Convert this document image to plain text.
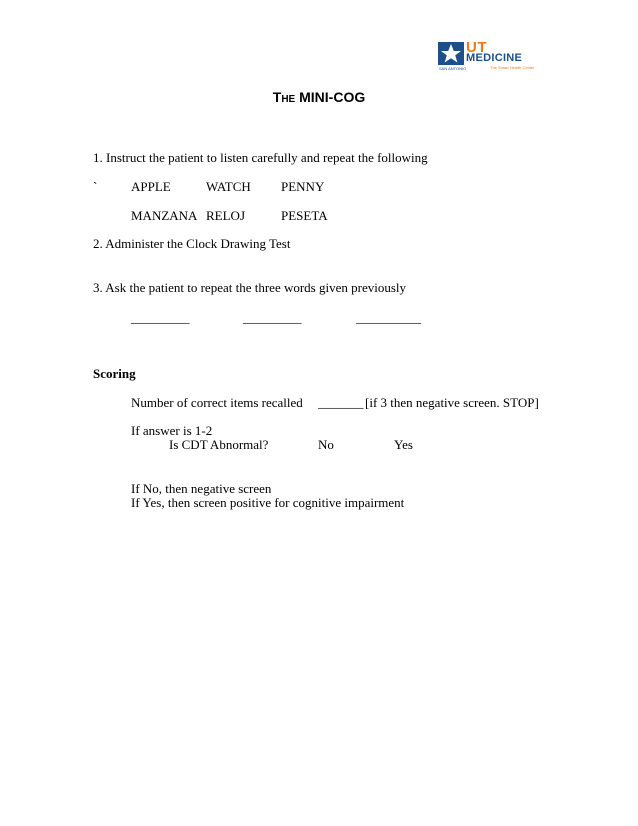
UT
MEDICINE
SAN ANTONIO	The Smart Health Center
The MINI-COG
1. Instruct the patient to listen carefully and repeat the following
`	APPLE	WATCH PENNY
MANZANA RELOJ	PESETA
2. Administer the Clock Drawing Test
3. Ask the patient to repeat the three words given previously
_________	_________	__________
Scoring
Number of correct items recalled _______ [if 3 then negative screen. STOP]
If answer is 1-2
Is CDT Abnormal?	No	Yes
If No, then negative screen
If Yes, then screen positive for cognitive impairment
